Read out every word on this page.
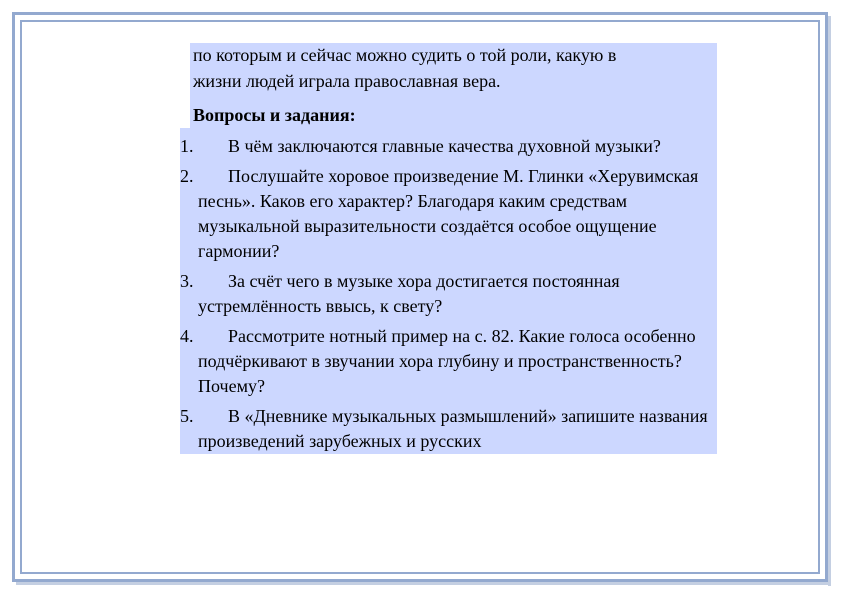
по которым и сейчас можно судить о той роли, какую в
жизни людей играла православная вера.
Вопросы и задания:
1.	В чём заключаются главные качества духовной музыки?
2.	Послушайте хоровое произведение М. Глинки «Херувимская песнь». Каков его характер? Благодаря каким средствам музыкальной выразительности создаётся особое ощущение гармонии?
3.	За счёт чего в музыке хора достигается постоянная устремлённость ввысь, к свету?
4.	Рассмотрите нотный пример на с. 82. Какие голоса особенно подчёркивают в звучании хора глубину и пространственность? Почему?
5.	В «Дневнике музыкальных размышлений» запишите названия произведений зарубежных и русских
